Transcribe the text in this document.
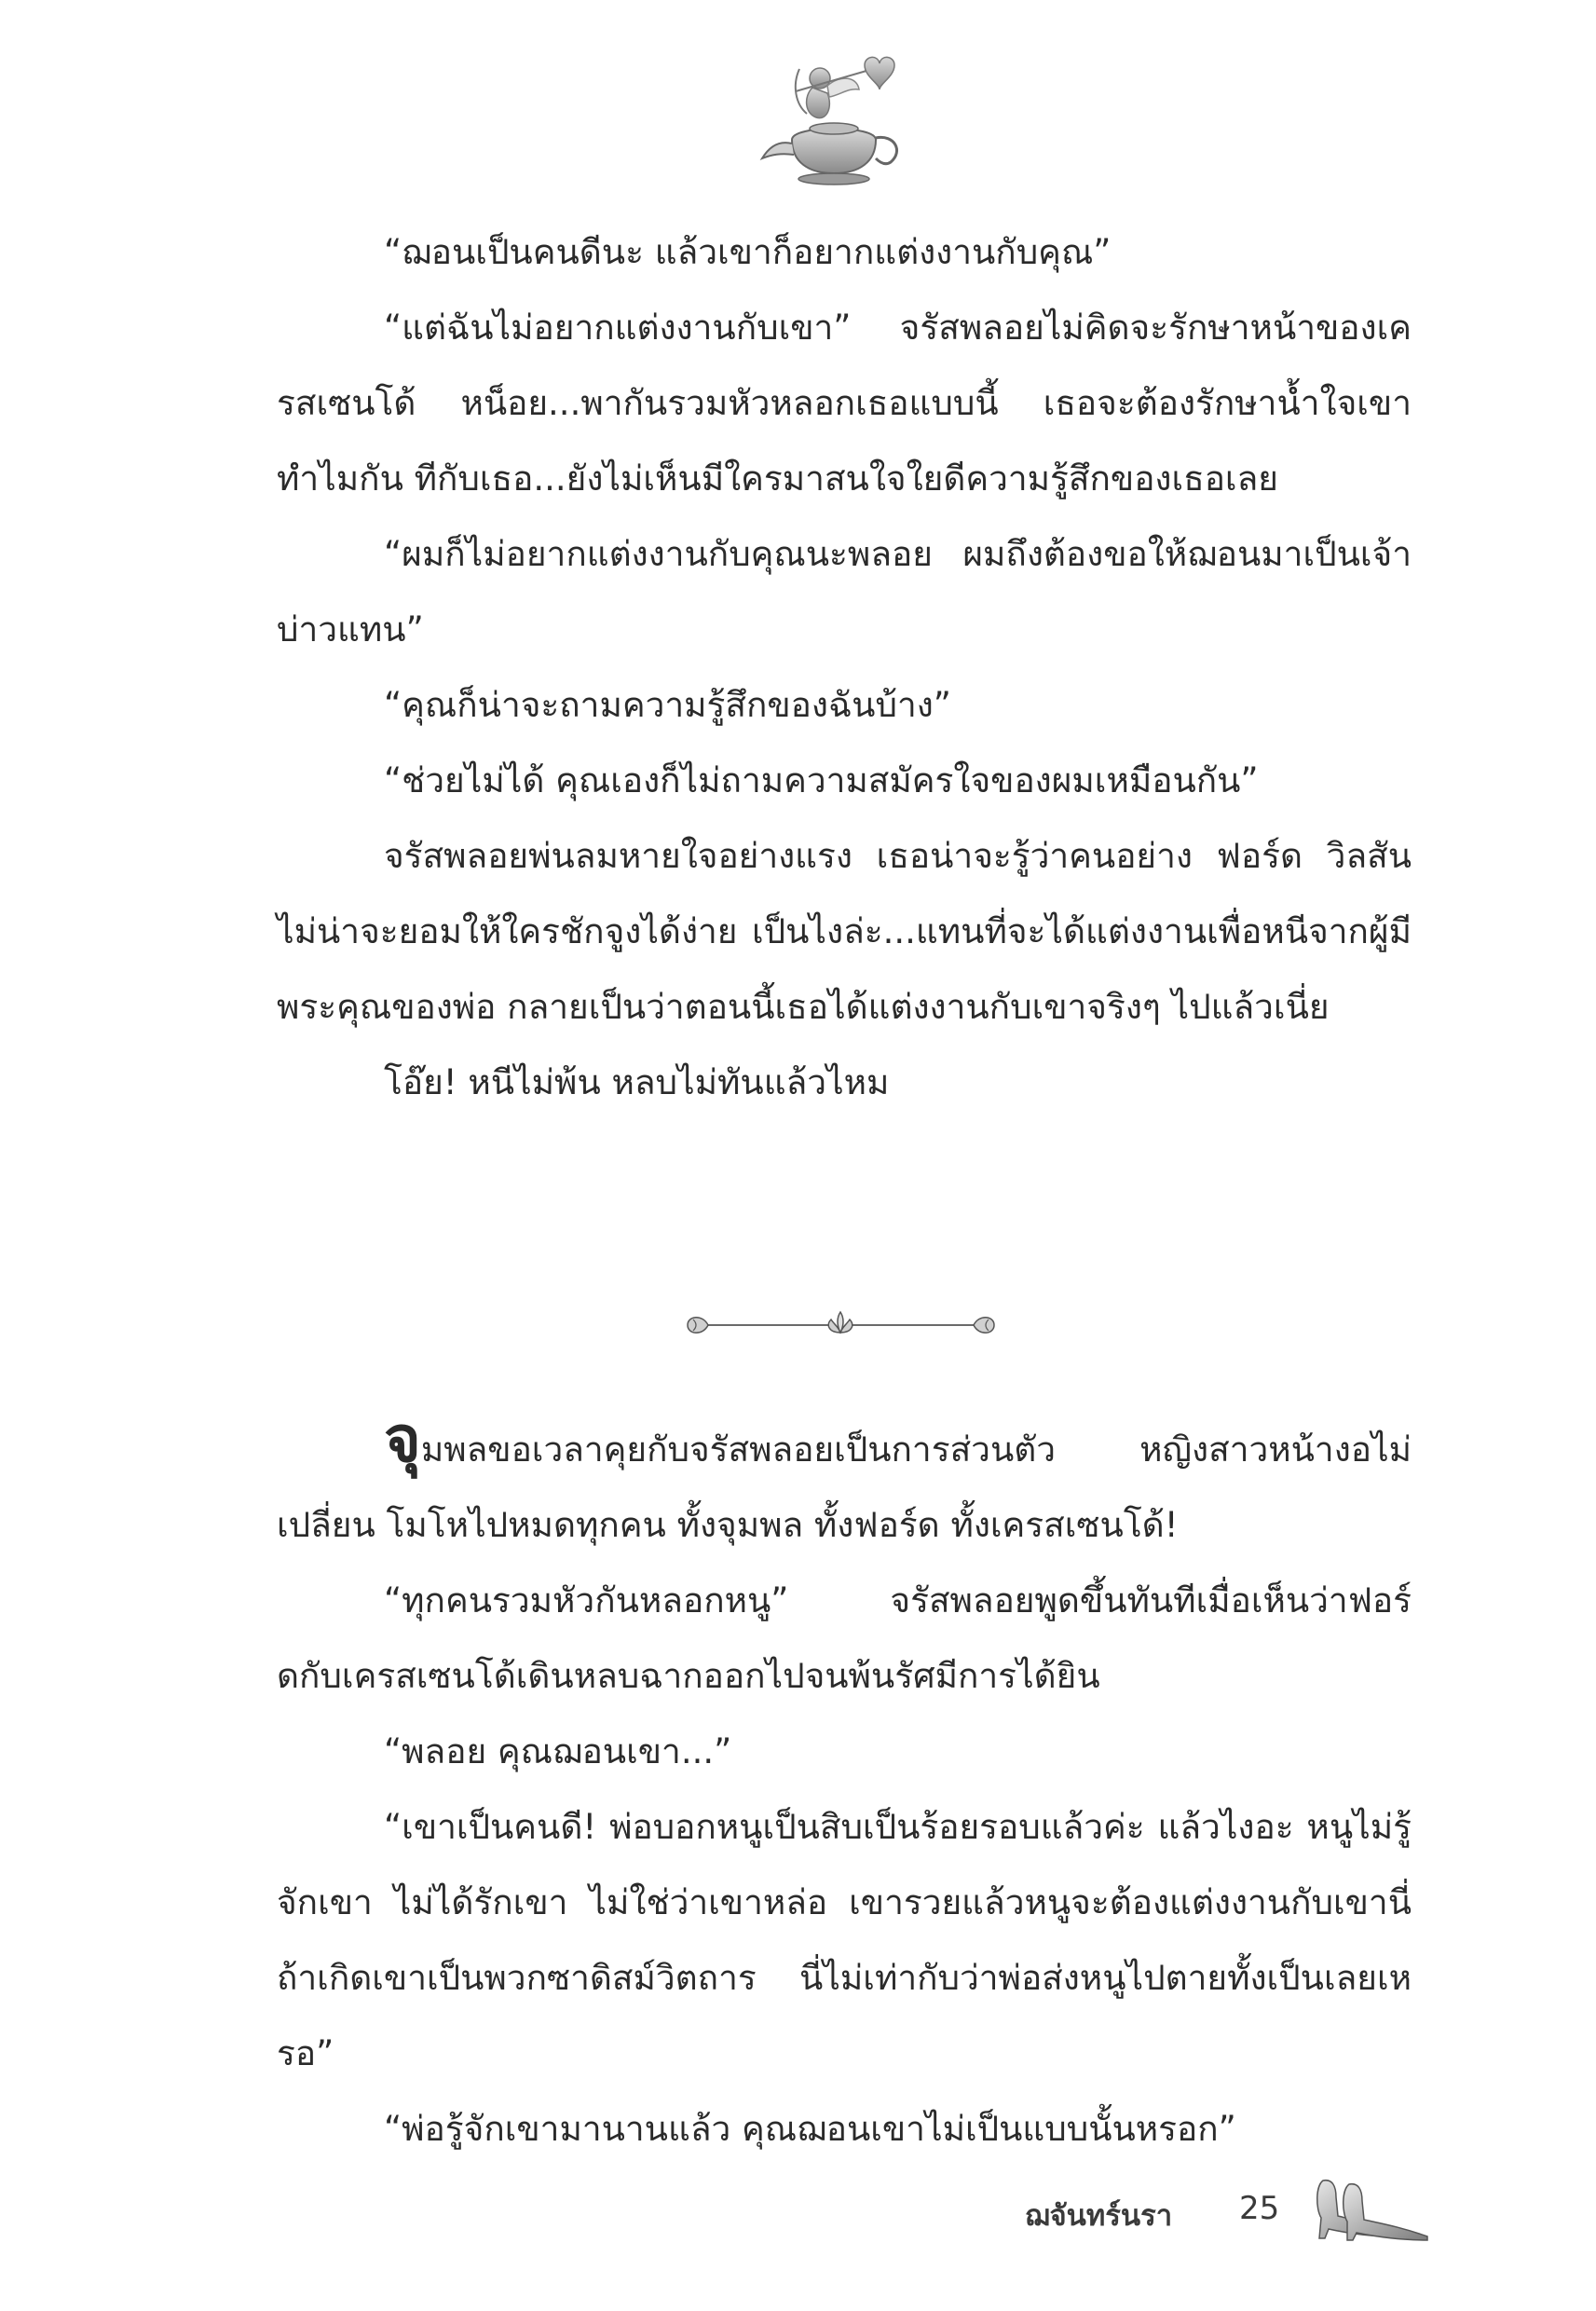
“ฌอนเป็นคนดีนะ แล้วเขาก็อยากแต่งงานกับคุณ”

“แต่ฉันไม่อยากแต่งงานกับเขา” จรัสพลอยไม่คิดจะรักษาหน้าของเครสเซนโด้ หน็อย...พากันรวมหัวหลอกเธอแบบนี้ เธอจะต้องรักษาน้ำใจเขาทำไมกัน ทีกับเธอ...ยังไม่เห็นมีใครมาสนใจใยดีความรู้สึกของเธอเลย

“ผมก็ไม่อยากแต่งงานกับคุณนะพลอย ผมถึงต้องขอให้ฌอนมาเป็นเจ้าบ่าวแทน”

“คุณก็น่าจะถามความรู้สึกของฉันบ้าง”

“ช่วยไม่ได้ คุณเองก็ไม่ถามความสมัครใจของผมเหมือนกัน”

จรัสพลอยพ่นลมหายใจอย่างแรง เธอน่าจะรู้ว่าคนอย่าง ฟอร์ด วิลสัน ไม่น่าจะยอมให้ใครชักจูงได้ง่าย เป็นไงล่ะ...แทนที่จะได้แต่งงานเพื่อหนีจากผู้มีพระคุณของพ่อ กลายเป็นว่าตอนนี้เธอได้แต่งงานกับเขาจริงๆ ไปแล้วเนี่ย

โอ๊ย! หนีไม่พ้น หลบไม่ทันแล้วไหม

จุมพลขอเวลาคุยกับจรัสพลอยเป็นการส่วนตัว หญิงสาวหน้างอไม่เปลี่ยน โมโหไปหมดทุกคน ทั้งจุมพล ทั้งฟอร์ด ทั้งเครสเซนโด้!

“ทุกคนรวมหัวกันหลอกหนู” จรัสพลอยพูดขึ้นทันทีเมื่อเห็นว่าฟอร์ดกับเครสเซนโด้เดินหลบฉากออกไปจนพ้นรัศมีการได้ยิน

“พลอย คุณฌอนเขา...”

“เขาเป็นคนดี! พ่อบอกหนูเป็นสิบเป็นร้อยรอบแล้วค่ะ แล้วไงอะ หนูไม่รู้จักเขา ไม่ได้รักเขา ไม่ใช่ว่าเขาหล่อ เขารวยแล้วหนูจะต้องแต่งงานกับเขานี่ ถ้าเกิดเขาเป็นพวกซาดิสม์วิตถาร นี่ไม่เท่ากับว่าพ่อส่งหนูไปตายทั้งเป็นเลยเหรอ”

“พ่อรู้จักเขามานานแล้ว คุณฌอนเขาไม่เป็นแบบนั้นหรอก”

ฌจันทร์นรา 25
